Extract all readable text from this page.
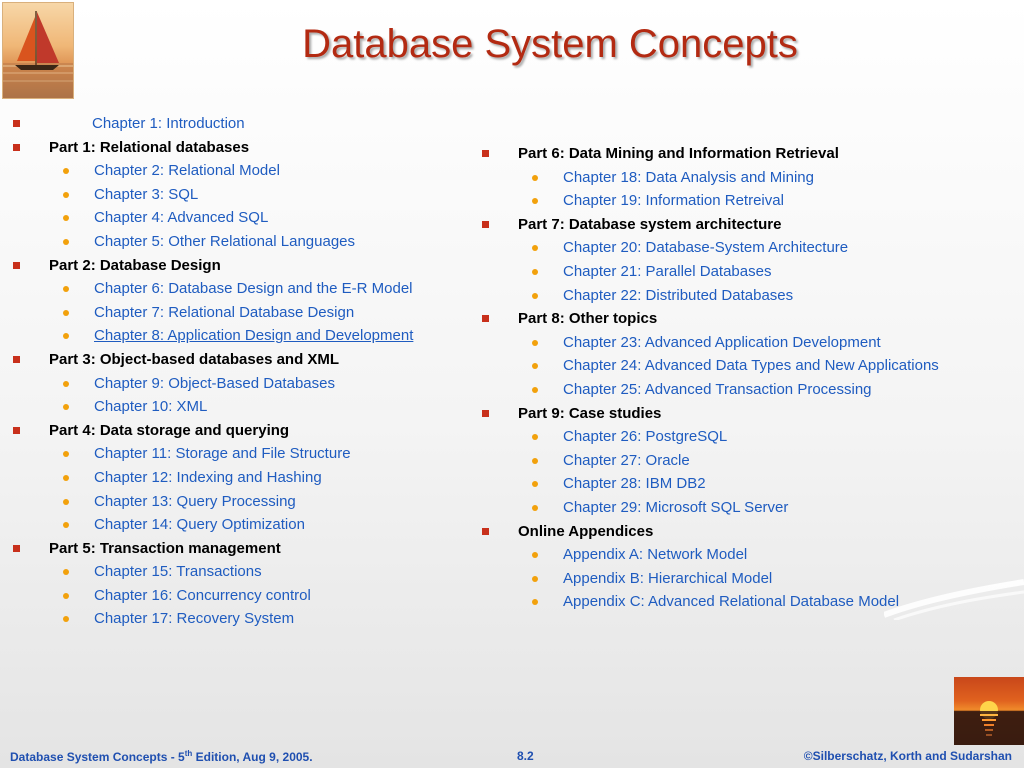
Database System Concepts
Chapter 1: Introduction
Part 1: Relational databases
Chapter 2: Relational Model
Chapter 3: SQL
Chapter 4: Advanced SQL
Chapter 5: Other Relational Languages
Part 2: Database Design
Chapter 6: Database Design and the E-R Model
Chapter 7: Relational Database Design
Chapter 8: Application Design and Development
Part 3: Object-based databases and XML
Chapter 9: Object-Based Databases
Chapter 10: XML
Part 4: Data storage and querying
Chapter 11: Storage and File Structure
Chapter 12: Indexing and Hashing
Chapter 13: Query Processing
Chapter 14: Query Optimization
Part 5: Transaction management
Chapter 15: Transactions
Chapter 16: Concurrency control
Chapter 17: Recovery System
Part 6: Data Mining and Information Retrieval
Chapter 18: Data Analysis and Mining
Chapter 19: Information Retreival
Part 7: Database system architecture
Chapter 20: Database-System Architecture
Chapter 21: Parallel Databases
Chapter 22: Distributed Databases
Part 8: Other topics
Chapter 23: Advanced Application Development
Chapter 24: Advanced Data Types and New Applications
Chapter 25: Advanced Transaction Processing
Part 9: Case studies
Chapter 26: PostgreSQL
Chapter 27: Oracle
Chapter 28: IBM DB2
Chapter 29: Microsoft SQL Server
Online Appendices
Appendix A: Network Model
Appendix B: Hierarchical Model
Appendix C: Advanced Relational Database Model
Database System Concepts - 5th Edition, Aug 9, 2005.	8.2	©Silberschatz, Korth and Sudarshan
